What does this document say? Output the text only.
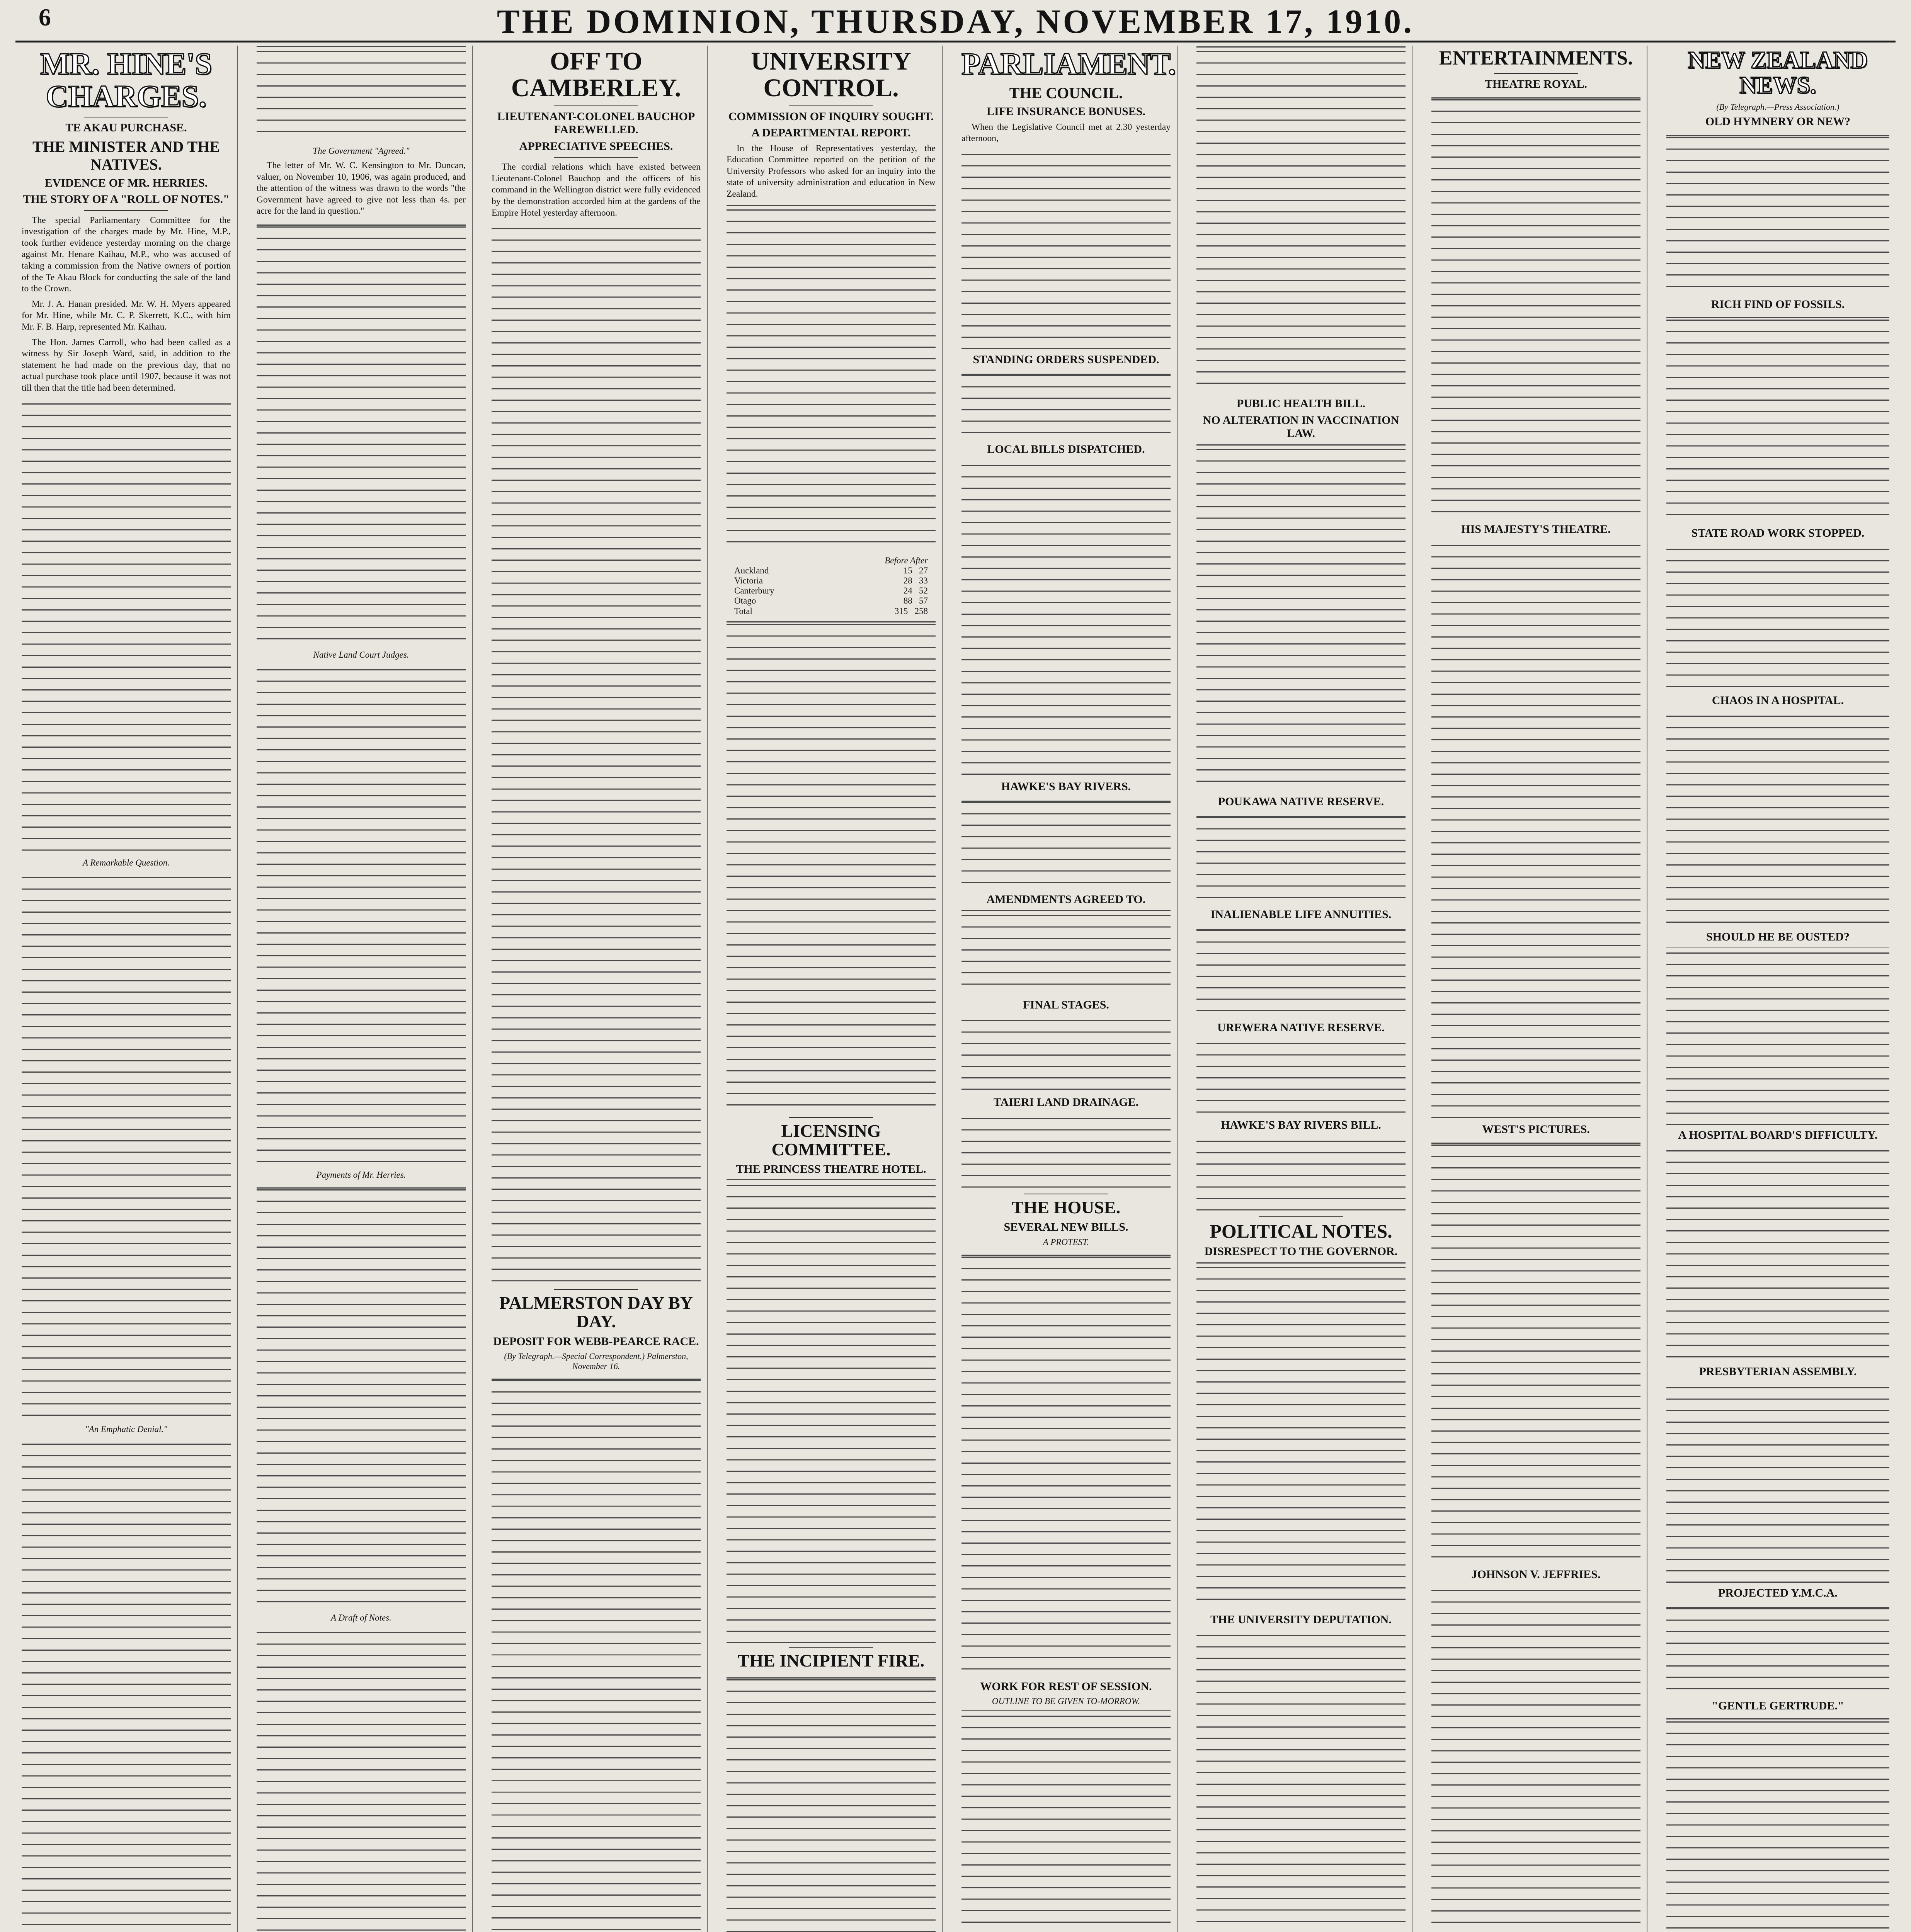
6	THE DOMINION, THURSDAY, NOVEMBER 17, 1910.
MR. HINE'S CHARGES.
TE AKAU PURCHASE.
THE MINISTER AND THE NATIVES.
EVIDENCE OF MR. HERRIES.
THE STORY OF A "ROLL OF NOTES."

The special Parliamentary Committee for the investigation of the charges made by Mr. Hine, M.P., took further evidence yesterday morning on the charge against Mr. Henare Kaihau, M.P., who was accused of taking a commission from the Native owners of portion of the Te Akau Block for conducting the sale of the land to the Crown.

Mr. J. A. Hanan presided. Mr. W. H. Myers appeared for Mr. Hine, while Mr. C. P. Skerrett, K.C., with him Mr. F. B. Harp, represented Mr. Kaihau.

The Hon. James Carroll, who had been called as a witness by Sir Joseph Ward, said, in addition to the statement he had made on the previous day, that no actual purchase took place until 1907, because it was not till then that the title had been determined.

A Remarkable Question.

"An Emphatic Denial."

The Government "Agreed."

The letter of Mr. W. C. Kensington to Mr. Duncan, valuer, on November 10, 1906, was again produced, and the attention of the witness was drawn to the words "the Government have agreed to give not less than 4s. per acre for the land in question."

Native Land Court Judges.

Payments of Mr. Herries.

A Draft of Notes.

OFF TO CAMBERLEY.
LIEUTENANT-COLONEL BAUCHOP FAREWELLED.
APPRECIATIVE SPEECHES.

The cordial relations which have existed between Lieutenant-Colonel Bauchop and the officers of his command in the Wellington district were fully evidenced by the demonstration accorded him at the gardens of the Empire Hotel yesterday afternoon.

PALMERSTON DAY BY DAY.
DEPOSIT FOR WEBB-PEARCE RACE.
(By Telegraph.—Special Correspondent.) Palmerston, November 16.

UNIVERSITY CONTROL.
COMMISSION OF INQUIRY SOUGHT.
A DEPARTMENTAL REPORT.

In the House of Representatives yesterday, the Education Committee reported on the petition of the University Professors who asked for an inquiry into the state of university administration and education in New Zealand.

Before After
Auckland	15 27
Victoria	28 33
Canterbury	24 52
Otago	88 57
Total	315 258

LICENSING COMMITTEE.
THE PRINCESS THEATRE HOTEL.

THE INCIPIENT FIRE.

PARLIAMENT.
THE COUNCIL.
LIFE INSURANCE BONUSES.

When the Legislative Council met at 2.30 yesterday afternoon,

STANDING ORDERS SUSPENDED.

LOCAL BILLS DISPATCHED.

HAWKE'S BAY RIVERS.

AMENDMENTS AGREED TO.

FINAL STAGES.

TAIERI LAND DRAINAGE.

THE HOUSE.
SEVERAL NEW BILLS.
A PROTEST.

WORK FOR REST OF SESSION.
OUTLINE TO BE GIVEN TO-MORROW.

PUBLIC HEALTH BILL.
NO ALTERATION IN VACCINATION LAW.

POUKAWA NATIVE RESERVE.

INALIENABLE LIFE ANNUITIES.

UREWERA NATIVE RESERVE.

HAWKE'S BAY RIVERS BILL.

POLITICAL NOTES.
DISRESPECT TO THE GOVERNOR.

THE UNIVERSITY DEPUTATION.

ENTERTAINMENTS.
THEATRE ROYAL.

HIS MAJESTY'S THEATRE.

WEST'S PICTURES.

JOHNSON V. JEFFRIES.

NEW ZEALAND NEWS.
(By Telegraph.—Press Association.)
OLD HYMNERY OR NEW?

RICH FIND OF FOSSILS.

STATE ROAD WORK STOPPED.

CHAOS IN A HOSPITAL.

SHOULD HE BE OUSTED?

A HOSPITAL BOARD'S DIFFICULTY.

PRESBYTERIAN ASSEMBLY.

PROJECTED Y.M.C.A.

"GENTLE GERTRUDE."
